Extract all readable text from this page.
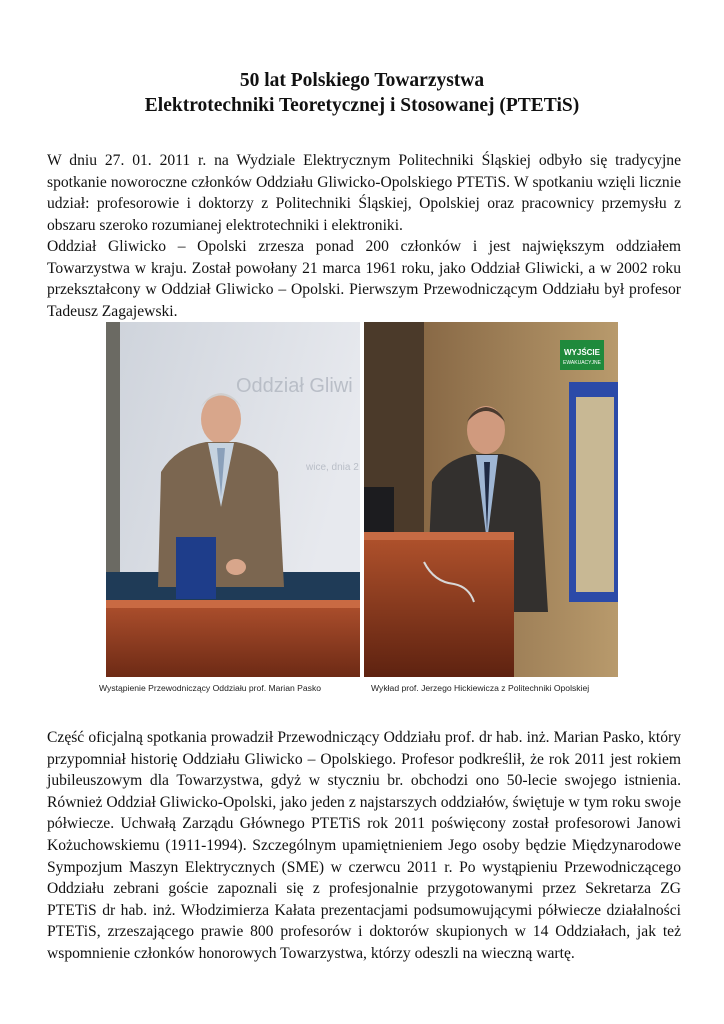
50 lat Polskiego Towarzystwa
Elektrotechniki Teoretycznej i Stosowanej (PTETiS)

W dniu 27. 01. 2011 r. na Wydziale Elektrycznym Politechniki Śląskiej odbyło się tradycyjne spotkanie noworoczne członków Oddziału Gliwicko-Opolskiego PTETiS. W spotkaniu wzięli licznie udział: profesorowie i doktorzy z Politechniki Śląskiej, Opolskiej oraz pracownicy przemysłu z obszaru szeroko rozumianej elektrotechniki i elektroniki.

Oddział Gliwicko – Opolski zrzesza ponad 200 członków i jest największym oddziałem Towarzystwa w kraju. Został powołany 21 marca 1961 roku, jako Oddział Gliwicki, a w 2002 roku przekształcony w Oddział Gliwicko – Opolski. Pierwszym Przewodniczącym Oddziału był profesor Tadeusz Zagajewski.

Oddział Gliwi
wice, dnia 2
WYJŚCIE
EWAKUACYJNE
Wystąpienie Przewodniczący Oddziału prof. Marian Pasko	Wykład prof. Jerzego Hickiewicza z Politechniki Opolskiej

Część oficjalną spotkania prowadził Przewodniczący Oddziału prof. dr hab. inż. Marian Pasko, który przypomniał historię Oddziału Gliwicko – Opolskiego. Profesor podkreślił, że rok 2011 jest rokiem jubileuszowym dla Towarzystwa, gdyż w styczniu br. obchodzi ono 50-lecie swojego istnienia. Również Oddział Gliwicko-Opolski, jako jeden z najstarszych oddziałów, świętuje w tym roku swoje półwiecze. Uchwałą Zarządu Głównego PTETiS rok 2011 poświęcony został profesorowi Janowi Kożuchowskiemu (1911-1994). Szczególnym upamiętnieniem Jego osoby będzie Międzynarodowe Sympozjum Maszyn Elektrycznych (SME) w czerwcu 2011 r. Po wystąpieniu Przewodniczącego Oddziału zebrani goście zapoznali się z profesjonalnie przygotowanymi przez Sekretarza ZG PTETiS dr hab. inż. Włodzimierza Kałata prezentacjami podsumowującymi półwiecze działalności PTETiS, zrzeszającego prawie 800 profesorów i doktorów skupionych w 14 Oddziałach, jak też wspomnienie członków honorowych Towarzystwa, którzy odeszli na wieczną wartę.
